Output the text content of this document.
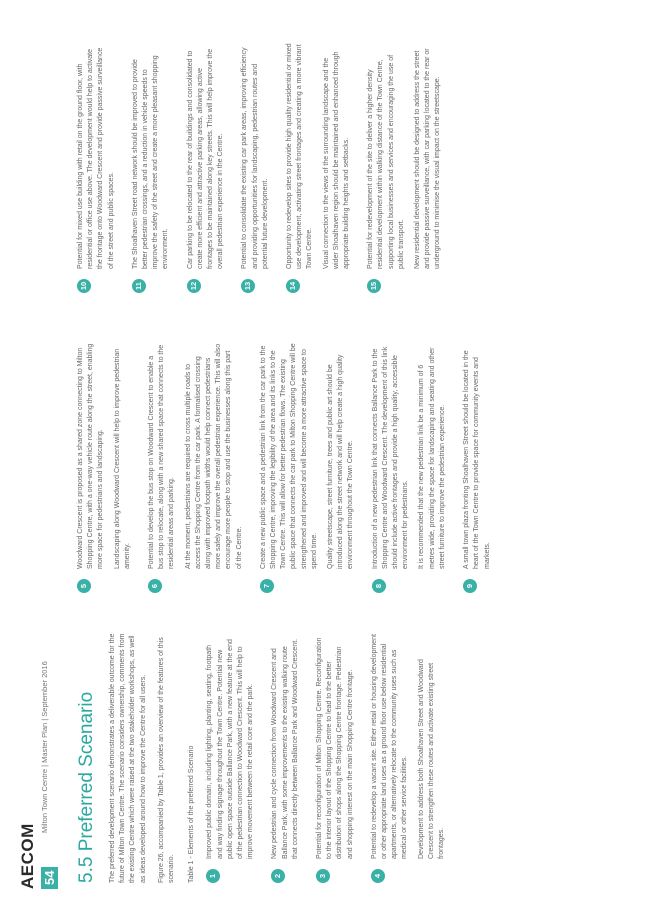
AECOM 54
Milton Town Centre | Master Plan | September 2016 5.5 Preferred Scenario The preferred development scenario demonstrates a deliverable outcome for the future of Milton Town Centre. The scenario considers ownership, comments from the existing Centre which were raised at the two stakeholder workshops, as well as ideas developed around how to improve the Centre for all users.	Figure 26, accompanied by Table 1, provides an overview of the features of this scenario.	Table 1 - Elements of the preferred Scenario 1
Improved public domain, including lighting, planting, seating, footpath and way finding signage throughout the Town Centre. Potential new public open space outside Ballance Park, with a new feature at the end of the pedestrian connection to Woodward Crescent. This will help to improve movement between the retail core and the park.
2
New pedestrian and cycle connection from Woodward Crescent and Ballance Park, with some improvements to the existing walking route that connects directly between Ballance Park and Woodward Crescent.
3
Potential for reconfiguration of Milton Shopping Centre. Reconfiguration to the interior layout of the Shopping Centre to lead to the better distribution of shops along the Shopping Centre frontage. Pedestrian and shopping interest on the main Shopping Centre frontage.
4
Potential to redevelop a vacant site. Either retail or housing development or other appropriate land uses as a ground floor use below residential apartments, or alternatively relocate to the community uses such as medical or other service facilities.	Development to address both Shoalhaven Street and Woodward Crescent to strengthen these routes and activate existing street frontages.
5
Woodward Crescent is proposed as a shared zone connecting to Milton Shopping Centre, with a one-way vehicle route along the street, enabling more space for pedestrians and landscaping.	Landscaping along Woodward Crescent will help to improve pedestrian amenity.
6
Potential to develop the bus stop on Woodward Crescent to enable a bus stop to relocate, along with a new shared space that connects to the residential areas and parking.	At the moment, pedestrians are required to cross multiple roads to access the Shopping Centre from the car park. A formalised crossing along with improved footpath widths would help connect pedestrians more safely and improve the overall pedestrian experience. This will also encourage more people to stop and use the businesses along this part of the Centre.
7
Create a new public space and a pedestrian link from the car park to the Shopping Centre, improving the legibility of the area and its links to the Town Centre. This will allow for better pedestrian flows. The existing public space that connects the car park to Milton Shopping Centre will be strengthened and improved and will become a more attractive space to spend time.	Quality streetscape, street furniture, trees and public art should be introduced along the street network and will help create a high quality environment throughout the Town Centre.
8
Introduction of a new pedestrian link that connects Ballance Park to the Shopping Centre and Woodward Crescent. The development of this link should include active frontages and provide a high quality, accessible environment for pedestrians.	It is recommended that the new pedestrian link be a minimum of 6 metres wide, providing the space for landscaping and seating and other street furniture to improve the pedestrian experience.
9
A small town plaza fronting Shoalhaven Street should be located in the heart of the Town Centre to provide space for community events and markets.
10
Potential for mixed use building with retail on the ground floor, with residential or office use above. The development would help to activate the frontage onto Woodward Crescent and provide passive surveillance of the street and public spaces.
11
The Shoalhaven Street road network should be improved to provide better pedestrian crossings, and a reduction in vehicle speeds to improve the safety of the street and create a more pleasant shopping environment.
12
Car parking to be relocated to the rear of buildings and consolidated to create more efficient and attractive parking areas, allowing active frontages to be maintained along key streets. This will help improve the overall pedestrian experience in the Centre.
13
Potential to consolidate the existing car park areas, improving efficiency and providing opportunities for landscaping, pedestrian routes and potential future development.
14
Opportunity to redevelop sites to provide high quality residential or mixed use development, activating street frontages and creating a more vibrant Town Centre.	Visual connection to the views of the surrounding landscape and the wider Shoalhaven region should be maintained and enhanced through appropriate building heights and setbacks.
15
Potential for redevelopment of the site to deliver a higher density residential development within walking distance of the Town Centre, supporting local businesses and services and encouraging the use of public transport.	New residential development should be designed to address the street and provide passive surveillance, with car parking located to the rear or underground to minimise the visual impact on the streetscape.
